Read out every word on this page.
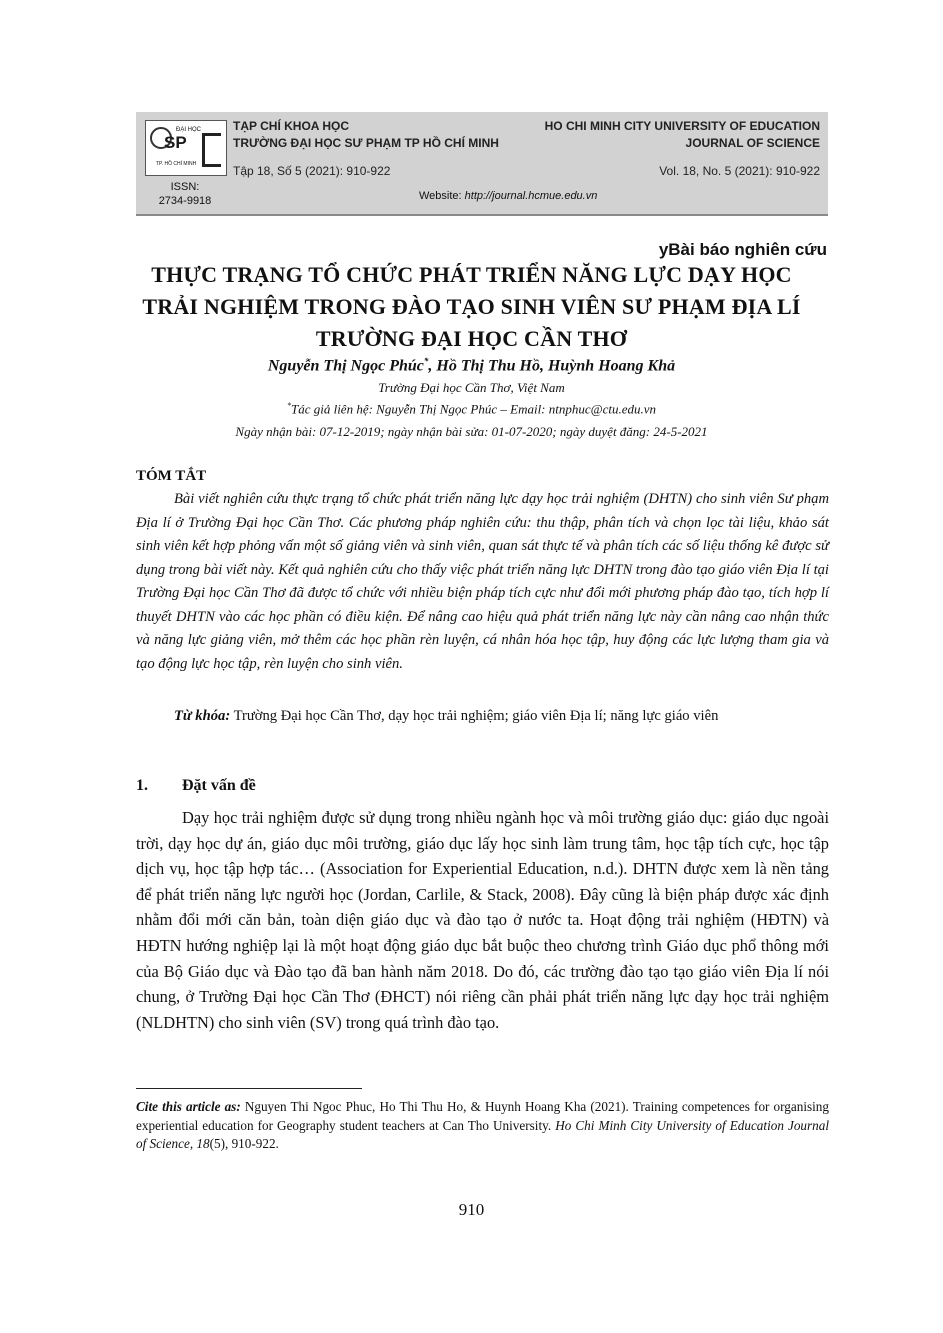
ĐẠI HỌC
SP
TP. HỒ CHÍ MINH
TẠP CHÍ KHOA HỌC
TRƯỜNG ĐẠI HỌC SƯ PHẠM TP HỒ CHÍ MINH
Tập 18, Số 5 (2021): 910-922
HO CHI MINH CITY UNIVERSITY OF EDUCATION
JOURNAL OF SCIENCE
Vol. 18, No. 5 (2021): 910-922
ISSN:
2734-9918	Website: http://journal.hcmue.edu.vn
yBài báo nghiên cứu
THỰC TRẠNG TỔ CHỨC PHÁT TRIỂN NĂNG LỰC DẠY HỌC
TRẢI NGHIỆM TRONG ĐÀO TẠO SINH VIÊN SƯ PHẠM ĐỊA LÍ
TRƯỜNG ĐẠI HỌC CẦN THƠ
Nguyễn Thị Ngọc Phúc*, Hồ Thị Thu Hồ, Huỳnh Hoang Khả
Trường Đại học Cần Thơ, Việt Nam
*Tác giả liên hệ: Nguyễn Thị Ngọc Phúc – Email: ntnphuc@ctu.edu.vn
Ngày nhận bài: 07-12-2019; ngày nhận bài sửa: 01-07-2020; ngày duyệt đăng: 24-5-2021
TÓM TẮT

Bài viết nghiên cứu thực trạng tổ chức phát triển năng lực dạy học trải nghiệm (DHTN) cho sinh viên Sư phạm Địa lí ở Trường Đại học Cần Thơ. Các phương pháp nghiên cứu: thu thập, phân tích và chọn lọc tài liệu, khảo sát sinh viên kết hợp phỏng vấn một số giảng viên và sinh viên, quan sát thực tế và phân tích các số liệu thống kê được sử dụng trong bài viết này. Kết quả nghiên cứu cho thấy việc phát triển năng lực DHTN trong đào tạo giáo viên Địa lí tại Trường Đại học Cần Thơ đã được tổ chức với nhiều biện pháp tích cực như đổi mới phương pháp đào tạo, tích hợp lí thuyết DHTN vào các học phần có điều kiện. Để nâng cao hiệu quả phát triển năng lực này cần nâng cao nhận thức và năng lực giảng viên, mở thêm các học phần rèn luyện, cá nhân hóa học tập, huy động các lực lượng tham gia và tạo động lực học tập, rèn luyện cho sinh viên.

Từ khóa: Trường Đại học Cần Thơ, dạy học trải nghiệm; giáo viên Địa lí; năng lực giáo viên

1. Đặt vấn đề

Dạy học trải nghiệm được sử dụng trong nhiều ngành học và môi trường giáo dục: giáo dục ngoài trời, dạy học dự án, giáo dục môi trường, giáo dục lấy học sinh làm trung tâm, học tập tích cực, học tập dịch vụ, học tập hợp tác… (Association for Experiential Education, n.d.). DHTN được xem là nền tảng để phát triển năng lực người học (Jordan, Carlile, & Stack, 2008). Đây cũng là biện pháp được xác định nhằm đổi mới căn bản, toàn diện giáo dục và đào tạo ở nước ta. Hoạt động trải nghiệm (HĐTN) và HĐTN hướng nghiệp lại là một hoạt động giáo dục bắt buộc theo chương trình Giáo dục phổ thông mới của Bộ Giáo dục và Đào tạo đã ban hành năm 2018. Do đó, các trường đào tạo tạo giáo viên Địa lí nói chung, ở Trường Đại học Cần Thơ (ĐHCT) nói riêng cần phải phát triển năng lực dạy học trải nghiệm (NLDHTN) cho sinh viên (SV) trong quá trình đào tạo.

Cite this article as: Nguyen Thi Ngoc Phuc, Ho Thi Thu Ho, & Huynh Hoang Kha (2021). Training competences for organising experiential education for Geography student teachers at Can Tho University. Ho Chi Minh City University of Education Journal of Science, 18(5), 910-922.

910
